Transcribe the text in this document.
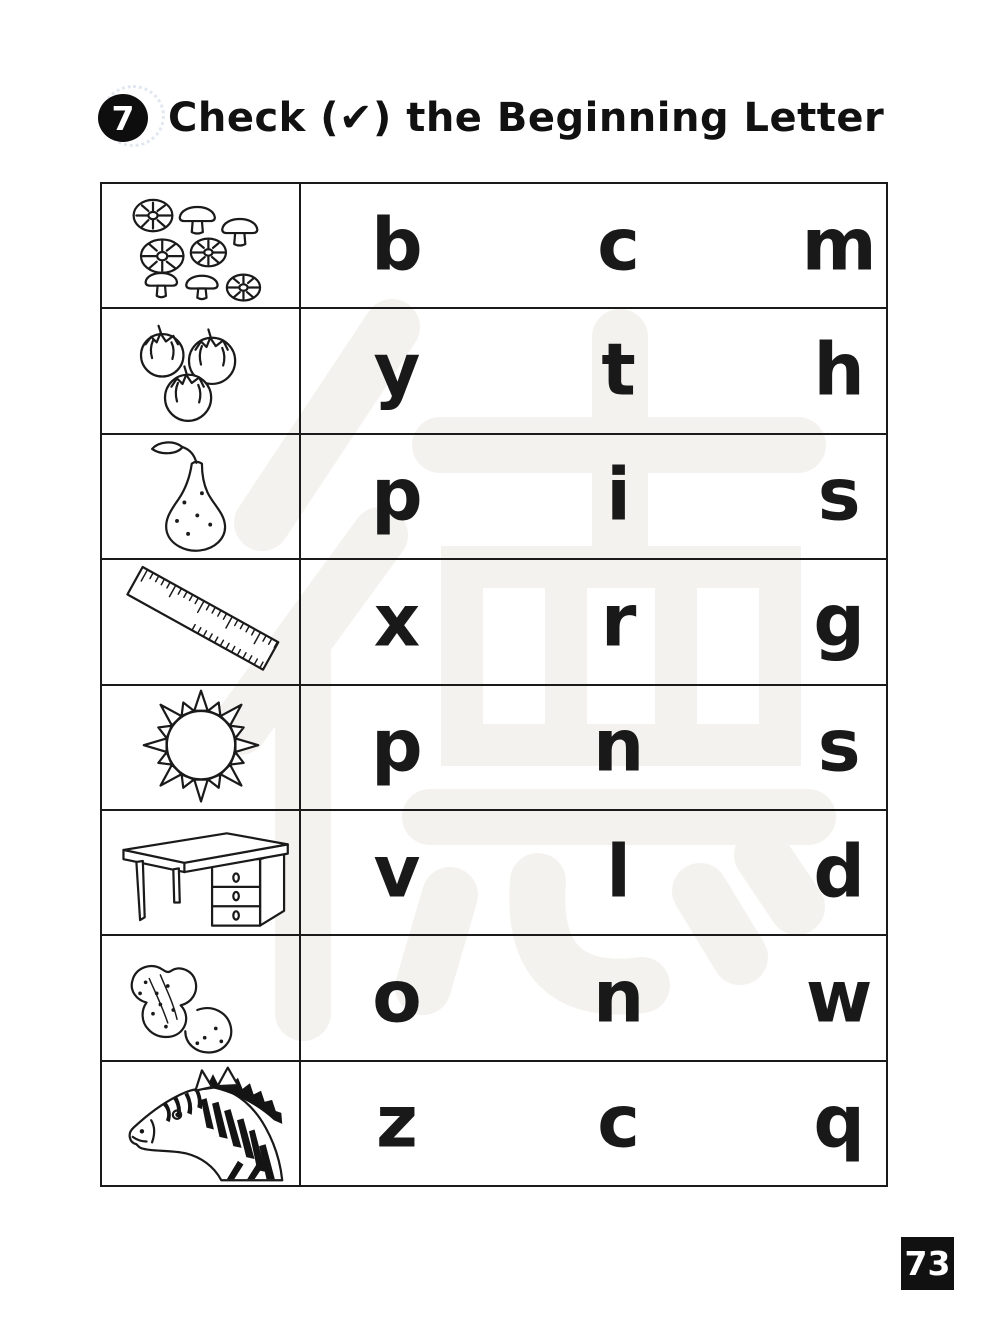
7 Check (✔) the Beginning Letter
b c m
y	t h
p	i	s
x	r g
p n s
v	l	d
o n w
z c q
73
